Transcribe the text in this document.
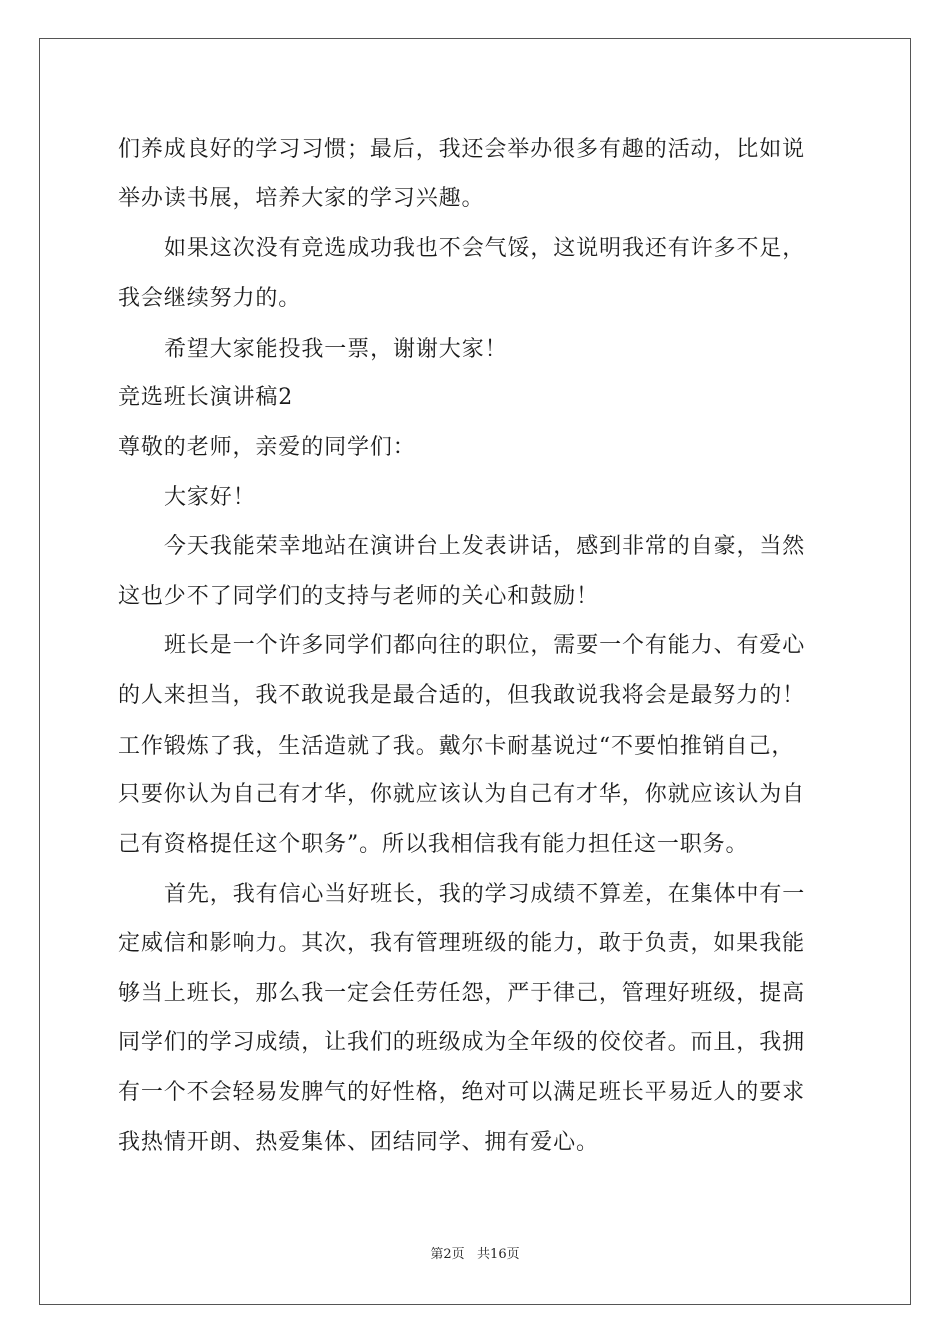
们养成良好的学习习惯；最后，我还会举办很多有趣的活动，比如说
举办读书展，培养大家的学习兴趣。
如果这次没有竞选成功我也不会气馁，这说明我还有许多不足，
我会继续努力的。
希望大家能投我一票，谢谢大家！
竞选班长演讲稿2
尊敬的老师，亲爱的同学们：
大家好！
今天我能荣幸地站在演讲台上发表讲话，感到非常的自豪，当然
这也少不了同学们的支持与老师的关心和鼓励！
班长是一个许多同学们都向往的职位，需要一个有能力、有爱心
的人来担当，我不敢说我是最合适的，但我敢说我将会是最努力的！
工作锻炼了我，生活造就了我。戴尔卡耐基说过“不要怕推销自己，
只要你认为自己有才华，你就应该认为自己有才华，你就应该认为自
己有资格提任这个职务”。所以我相信我有能力担任这一职务。
首先，我有信心当好班长，我的学习成绩不算差，在集体中有一
定威信和影响力。其次，我有管理班级的能力，敢于负责，如果我能
够当上班长，那么我一定会任劳任怨，严于律己，管理好班级，提高
同学们的学习成绩，让我们的班级成为全年级的佼佼者。而且，我拥
有一个不会轻易发脾气的好性格，绝对可以满足班长平易近人的要求
我热情开朗、热爱集体、团结同学、拥有爱心。
第2页   共16页
